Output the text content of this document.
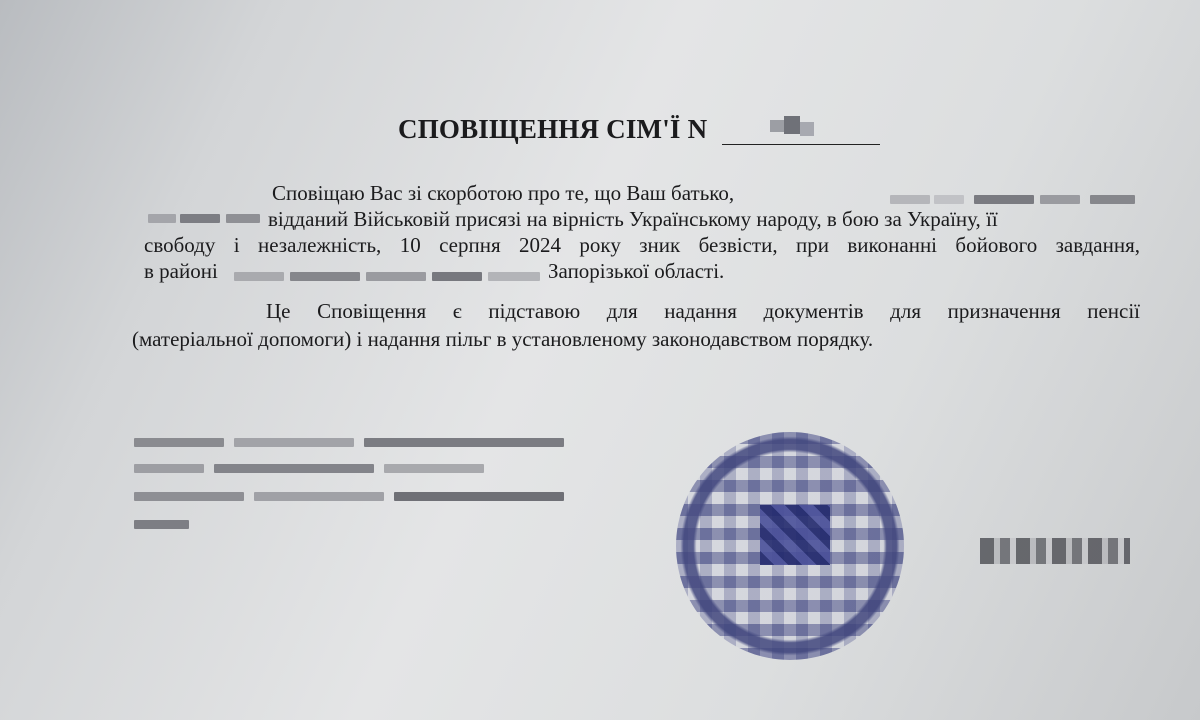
СПОВІЩЕННЯ СІМ'Ї N
Сповіщаю Вас зі скорботою про те, що Ваш батько,
відданий Військовій присязі на вірність Українському народу, в бою за Україну, її
свободу і незалежність, 10 серпня 2024 року зник безвісти, при виконанні бойового завдання,
в районі	Запорізької області.
Це Сповіщення є підставою для надання документів для призначення пенсії
(матеріальної допомоги) і надання пільг в установленому законодавством порядку.
